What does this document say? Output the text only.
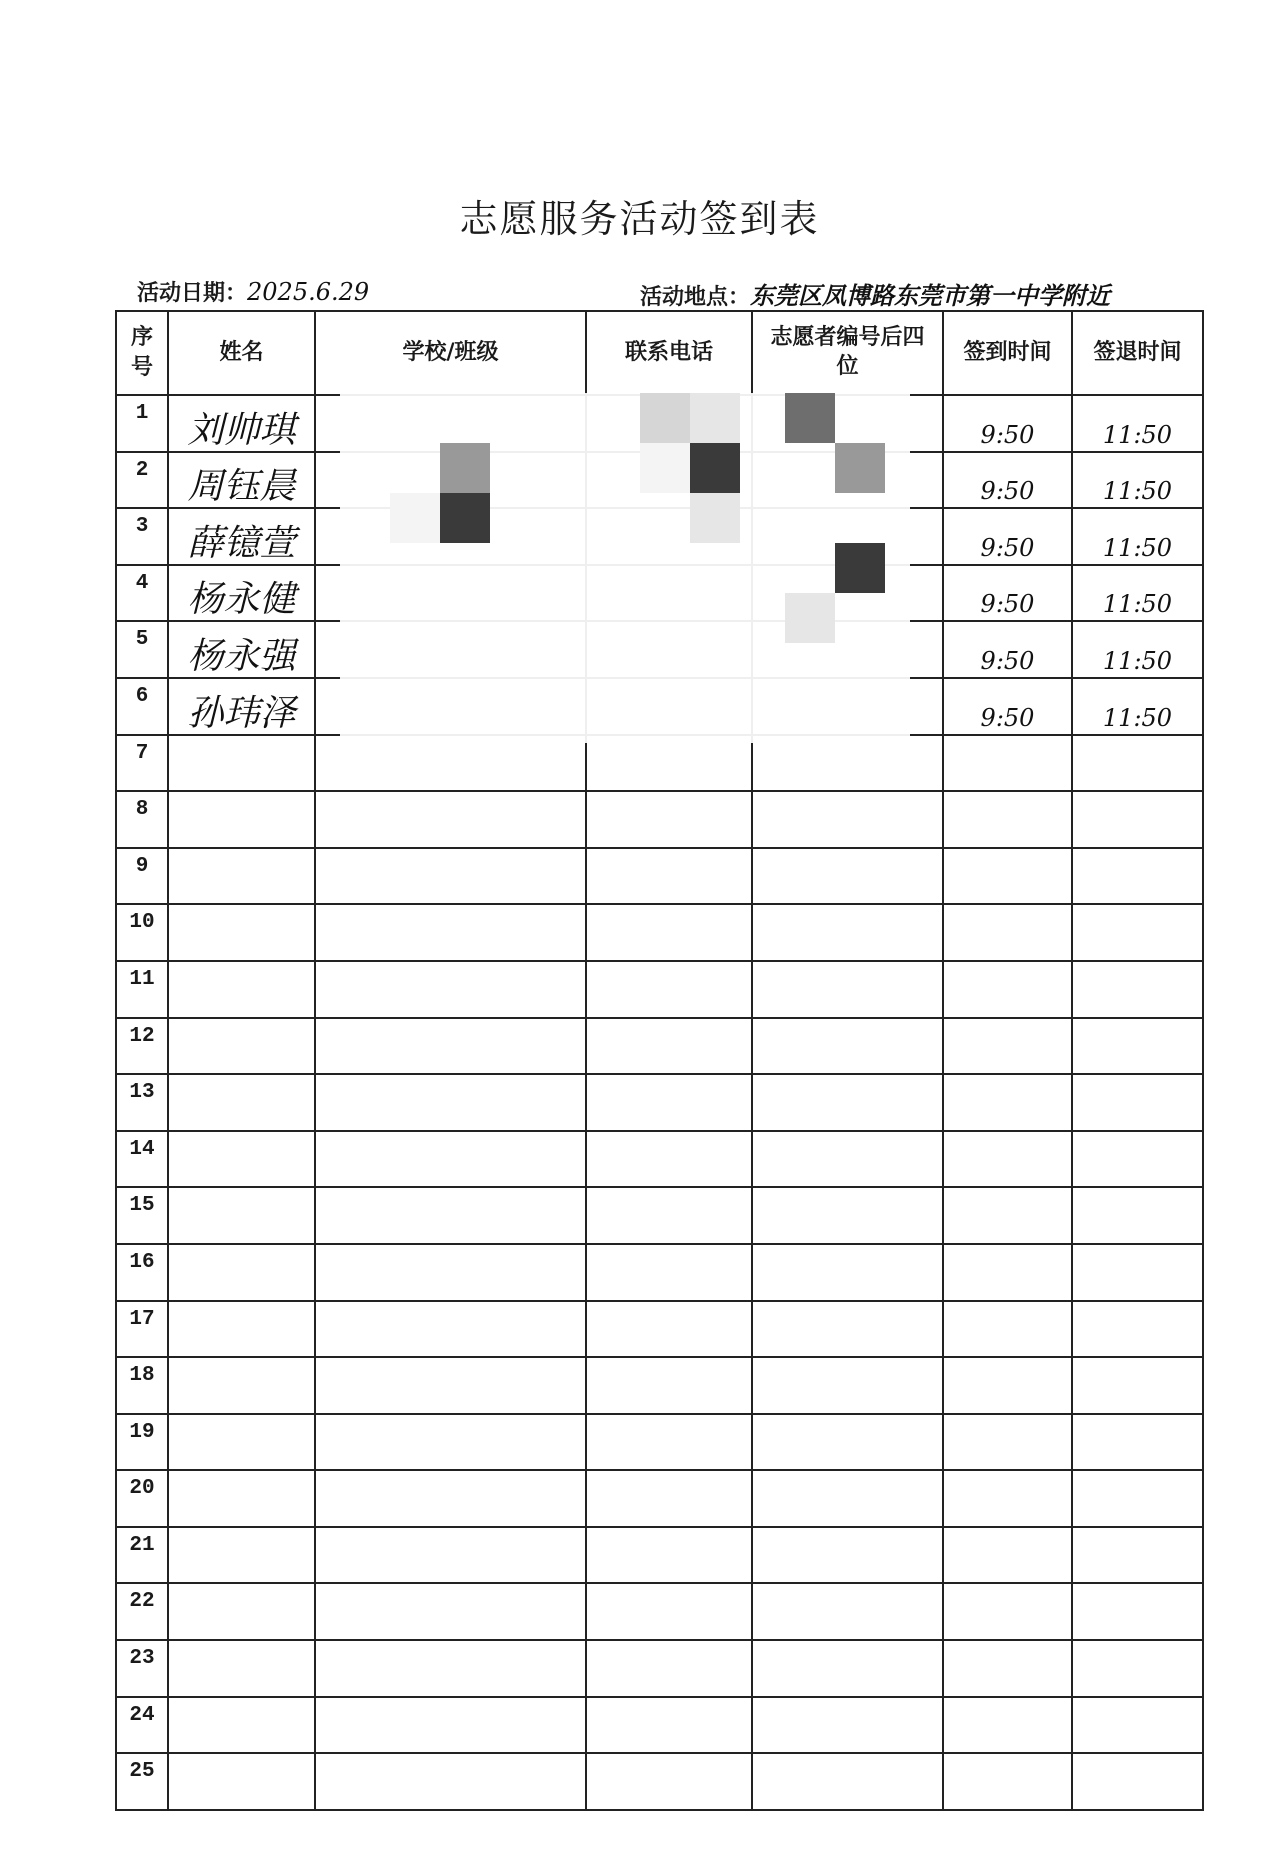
志愿服务活动签到表
活动日期：2025.6.29	活动地点：东莞区凤博路东莞市第一中学附近
序号	姓名	学校/班级	联系电话	志愿者编号后四位	签到时间	签退时间
1	刘帅琪				9:50	11:50
2	周钰晨				9:50	11:50
3	薛镱萱				9:50	11:50
4	杨永健				9:50	11:50
5	杨永强				9:50	11:50
6	孙玮泽				9:50	11:50
7						
8						
9						
10						
11						
12						
13						
14						
15						
16						
17						
18						
19						
20						
21						
22						
23						
24						
25						
